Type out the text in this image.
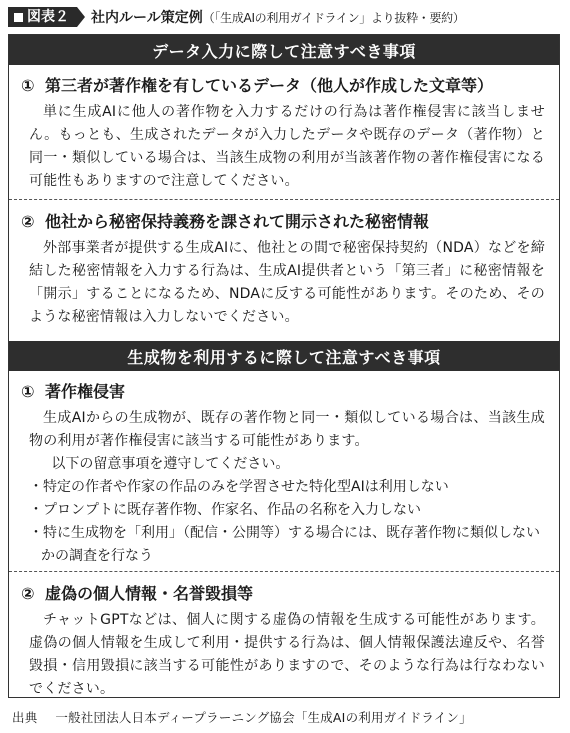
図表２ 社内ルール策定例（「生成AIの利用ガイドライン」より抜粋・要約）
データ入力に際して注意すべき事項
① 第三者が著作権を有しているデータ（他人が作成した文章等）

単に生成AIに他人の著作物を入力するだけの行為は著作権侵害に該当しません。もっとも、生成されたデータが入力したデータや既存のデータ（著作物）と同一・類似している場合は、当該生成物の利用が当該著作物の著作権侵害になる可能性もありますので注意してください。

② 他社から秘密保持義務を課されて開示された秘密情報

外部事業者が提供する生成AIに、他社との間で秘密保持契約（NDA）などを締結した秘密情報を入力する行為は、生成AI提供者という「第三者」に秘密情報を「開示」することになるため、NDAに反する可能性があります。そのため、そのような秘密情報は入力しないでください。

生成物を利用するに際して注意すべき事項
① 著作権侵害

生成AIからの生成物が、既存の著作物と同一・類似している場合は、当該生成物の利用が著作権侵害に該当する可能性があります。

以下の留意事項を遵守してください。

・ 特定の作者や作家の作品のみを学習させた特化型AIは利用しない
・ プロンプトに既存著作物、作家名、作品の名称を入力しない
・ 特に生成物を「利用」（配信・公開等）する場合には、既存著作物に類似しないかの調査を行なう
② 虚偽の個人情報・名誉毀損等

チャットGPTなどは、個人に関する虚偽の情報を生成する可能性があります。虚偽の個人情報を生成して利用・提供する行為は、個人情報保護法違反や、名誉毀損・信用毀損に該当する可能性がありますので、そのような行為は行なわないでください。

出典 一般社団法人日本ディープラーニング協会「生成AIの利用ガイドライン」
